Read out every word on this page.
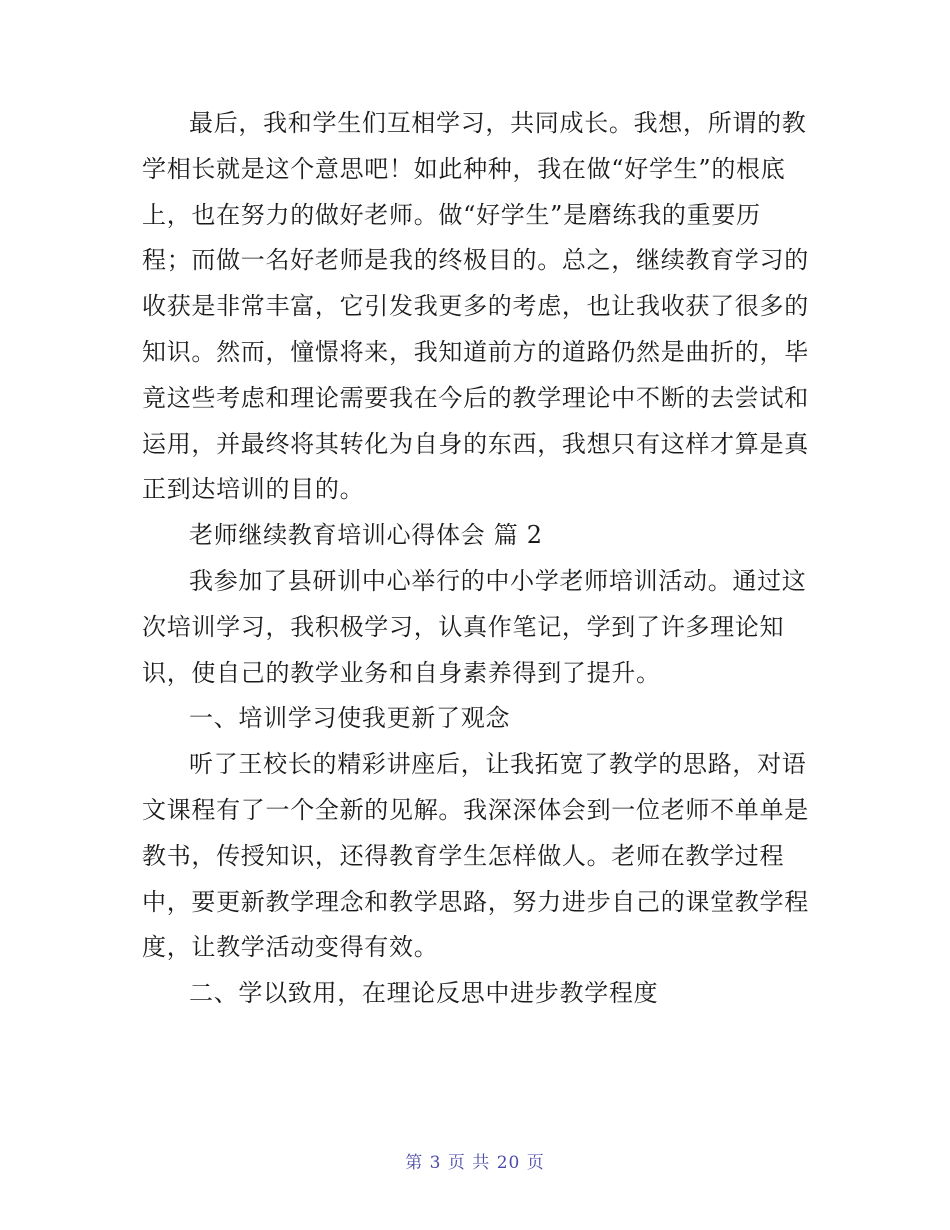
最后，我和学生们互相学习，共同成长。我想，所谓的教
学相长就是这个意思吧！如此种种，我在做“好学生”的根底
上，也在努力的做好老师。做“好学生”是磨练我的重要历
程；而做一名好老师是我的终极目的。总之，继续教育学习的
收获是非常丰富，它引发我更多的考虑，也让我收获了很多的
知识。然而，憧憬将来，我知道前方的道路仍然是曲折的，毕
竟这些考虑和理论需要我在今后的教学理论中不断的去尝试和
运用，并最终将其转化为自身的东西，我想只有这样才算是真
正到达培训的目的。
老师继续教育培训心得体会 篇 2
我参加了县研训中心举行的中小学老师培训活动。通过这
次培训学习，我积极学习，认真作笔记，学到了许多理论知
识，使自己的教学业务和自身素养得到了提升。
一、培训学习使我更新了观念
听了王校长的精彩讲座后，让我拓宽了教学的思路，对语
文课程有了一个全新的见解。我深深体会到一位老师不单单是
教书，传授知识，还得教育学生怎样做人。老师在教学过程
中，要更新教学理念和教学思路，努力进步自己的课堂教学程
度，让教学活动变得有效。
二、学以致用，在理论反思中进步教学程度
第 3 页 共 20 页
